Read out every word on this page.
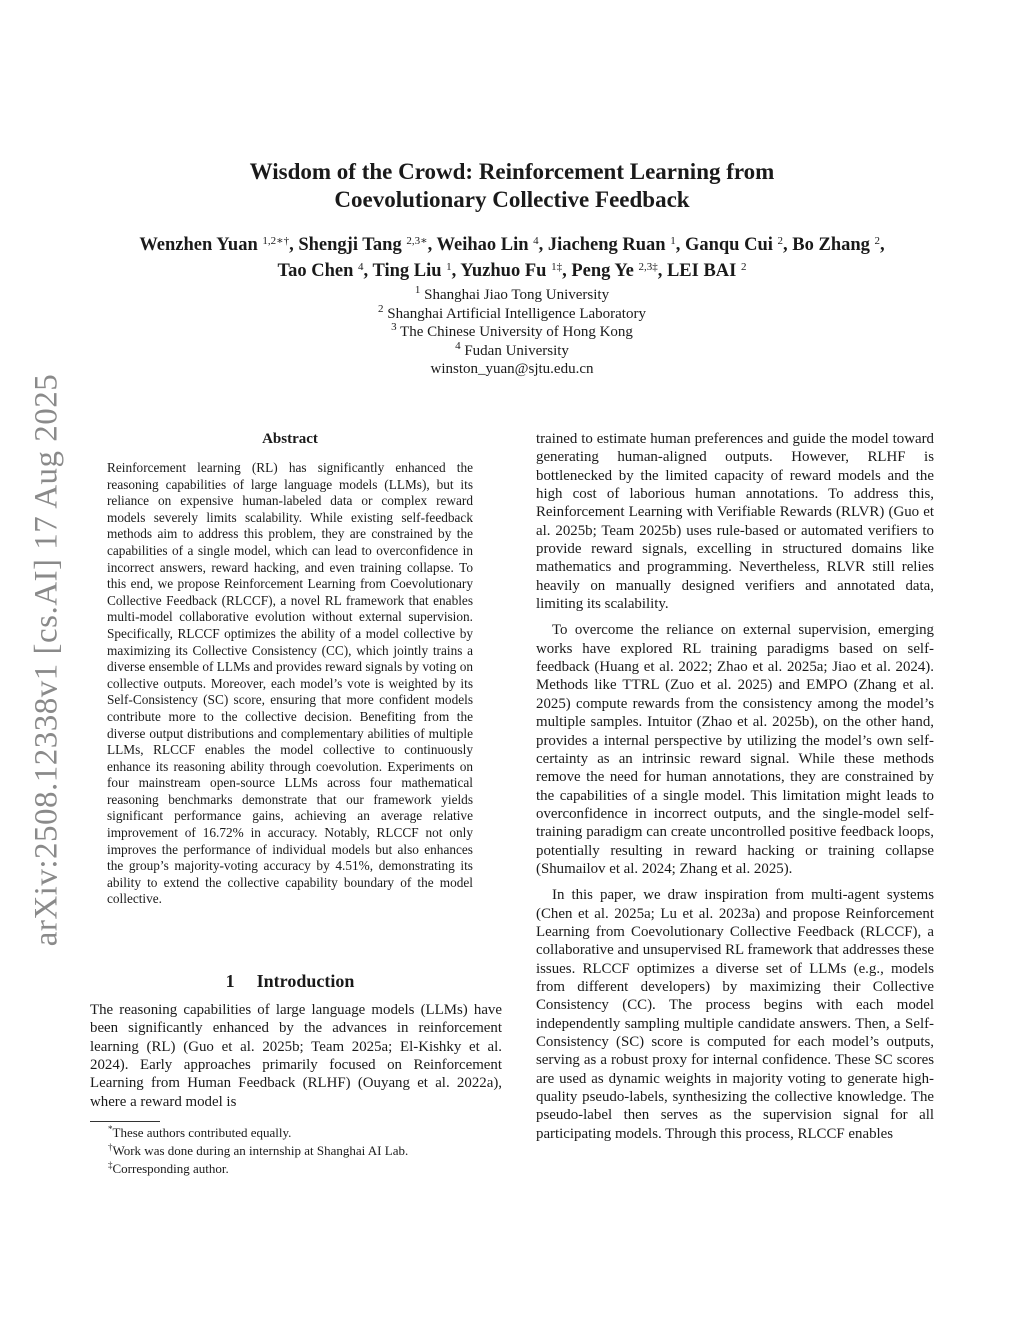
arXiv:2508.12338v1 [cs.AI] 17 Aug 2025
Wisdom of the Crowd: Reinforcement Learning from
Coevolutionary Collective Feedback
Wenzhen Yuan $^{1,2∗\dagger}$, Shengji Tang $^{2,3∗}$, Weihao Lin $^4$, Jiacheng Ruan $^1$, Ganqu Cui $^2$, Bo Zhang $^2$,
Tao Chen $^4$, Ting Liu $^1$, Yuzhuo Fu $^{1\ddagger}$, Peng Ye $^{2,3\ddagger}$, LEI BAI $^2$
$^1$ Shanghai Jiao Tong University
$^2$ Shanghai Artificial Intelligence Laboratory
$^3$ The Chinese University of Hong Kong
$^4$ Fudan University
winston_yuan@sjtu.edu.cn
Abstract

Reinforcement learning (RL) has significantly enhanced the reasoning capabilities of large language models (LLMs), but its reliance on expensive human-labeled data or complex reward models severely limits scalability. While existing self-feedback methods aim to address this problem, they are constrained by the capabilities of a single model, which can lead to overconfidence in incorrect answers, reward hacking, and even training collapse. To this end, we propose Reinforcement Learning from Coevolutionary Collective Feedback (RLCCF), a novel RL framework that enables multi-model collaborative evolution without external supervision. Specifically, RLCCF optimizes the ability of a model collective by maximizing its Collective Consistency (CC), which jointly trains a diverse ensemble of LLMs and provides reward signals by voting on collective outputs. Moreover, each model’s vote is weighted by its Self-Consistency (SC) score, ensuring that more confident models contribute more to the collective decision. Benefiting from the diverse output distributions and complementary abilities of multiple LLMs, RLCCF enables the model collective to continuously enhance its reasoning ability through coevolution. Experiments on four mainstream open-source LLMs across four mathematical reasoning benchmarks demonstrate that our framework yields significant performance gains, achieving an average relative improvement of 16.72% in accuracy. Notably, RLCCF not only improves the performance of individual models but also enhances the group’s majority-voting accuracy by 4.51%, demonstrating its ability to extend the collective capability boundary of the model collective.

1 Introduction

The reasoning capabilities of large language models (LLMs) have been significantly enhanced by the advances in reinforcement learning (RL) (Guo et al. 2025b; Team 2025a; El-Kishky et al. 2024). Early approaches primarily focused on Reinforcement Learning from Human Feedback (RLHF) (Ouyang et al. 2022a), where a reward model is

*These authors contributed equally.
†Work was done during an internship at Shanghai AI Lab.
‡Corresponding author.

trained to estimate human preferences and guide the model toward generating human-aligned outputs. However, RLHF is bottlenecked by the limited capacity of reward models and the high cost of laborious human annotations. To address this, Reinforcement Learning with Verifiable Rewards (RLVR) (Guo et al. 2025b; Team 2025b) uses rule-based or automated verifiers to provide reward signals, excelling in structured domains like mathematics and programming. Nevertheless, RLVR still relies heavily on manually designed verifiers and annotated data, limiting its scalability.

To overcome the reliance on external supervision, emerging works have explored RL training paradigms based on self-feedback (Huang et al. 2022; Zhao et al. 2025a; Jiao et al. 2024). Methods like TTRL (Zuo et al. 2025) and EMPO (Zhang et al. 2025) compute rewards from the consistency among the model’s multiple samples. Intuitor (Zhao et al. 2025b), on the other hand, provides a internal perspective by utilizing the model’s own self-certainty as an intrinsic reward signal. While these methods remove the need for human annotations, they are constrained by the capabilities of a single model. This limitation might leads to overconfidence in incorrect outputs, and the single-model self-training paradigm can create uncontrolled positive feedback loops, potentially resulting in reward hacking or training collapse (Shumailov et al. 2024; Zhang et al. 2025).

In this paper, we draw inspiration from multi-agent systems (Chen et al. 2025a; Lu et al. 2023a) and propose Reinforcement Learning from Coevolutionary Collective Feedback (RLCCF), a collaborative and unsupervised RL framework that addresses these issues. RLCCF optimizes a diverse set of LLMs (e.g., models from different developers) by maximizing their Collective Consistency (CC). The process begins with each model independently sampling multiple candidate answers. Then, a Self-Consistency (SC) score is computed for each model’s outputs, serving as a robust proxy for internal confidence. These SC scores are used as dynamic weights in majority voting to generate high-quality pseudo-labels, synthesizing the collective knowledge. The pseudo-label then serves as the supervision signal for all participating models. Through this process, RLCCF enables
